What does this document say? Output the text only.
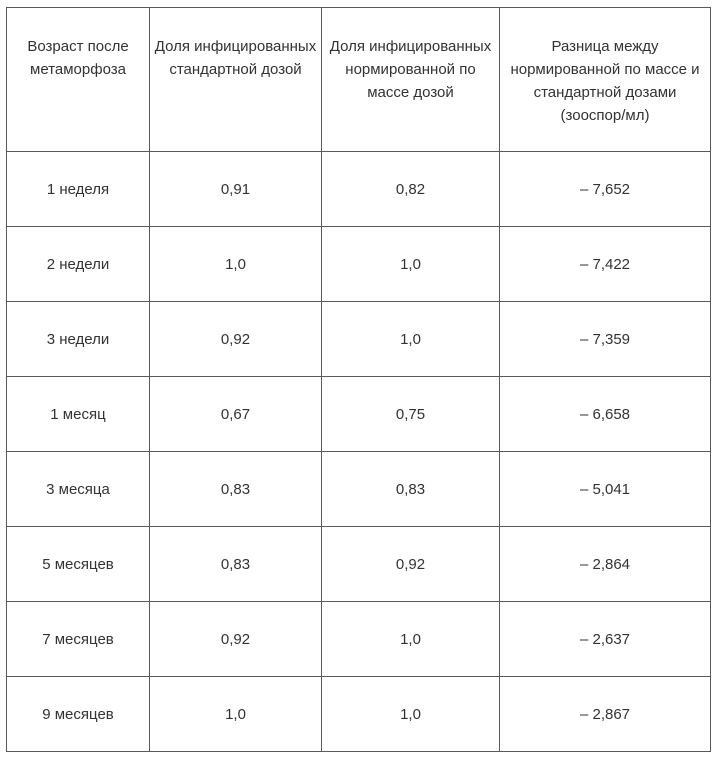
Возраст после метаморфоза	Доля инфицированных стандартной дозой	Доля инфицированных нормированной по массе дозой	Разница между нормированной по массе и стандартной дозами (зооспор/мл)
1 неделя	0,91	0,82	– 7,652
2 недели	1,0	1,0	– 7,422
3 недели	0,92	1,0	– 7,359
1 месяц	0,67	0,75	– 6,658
3 месяца	0,83	0,83	– 5,041
5 месяцев	0,83	0,92	– 2,864
7 месяцев	0,92	1,0	– 2,637
9 месяцев	1,0	1,0	– 2,867
